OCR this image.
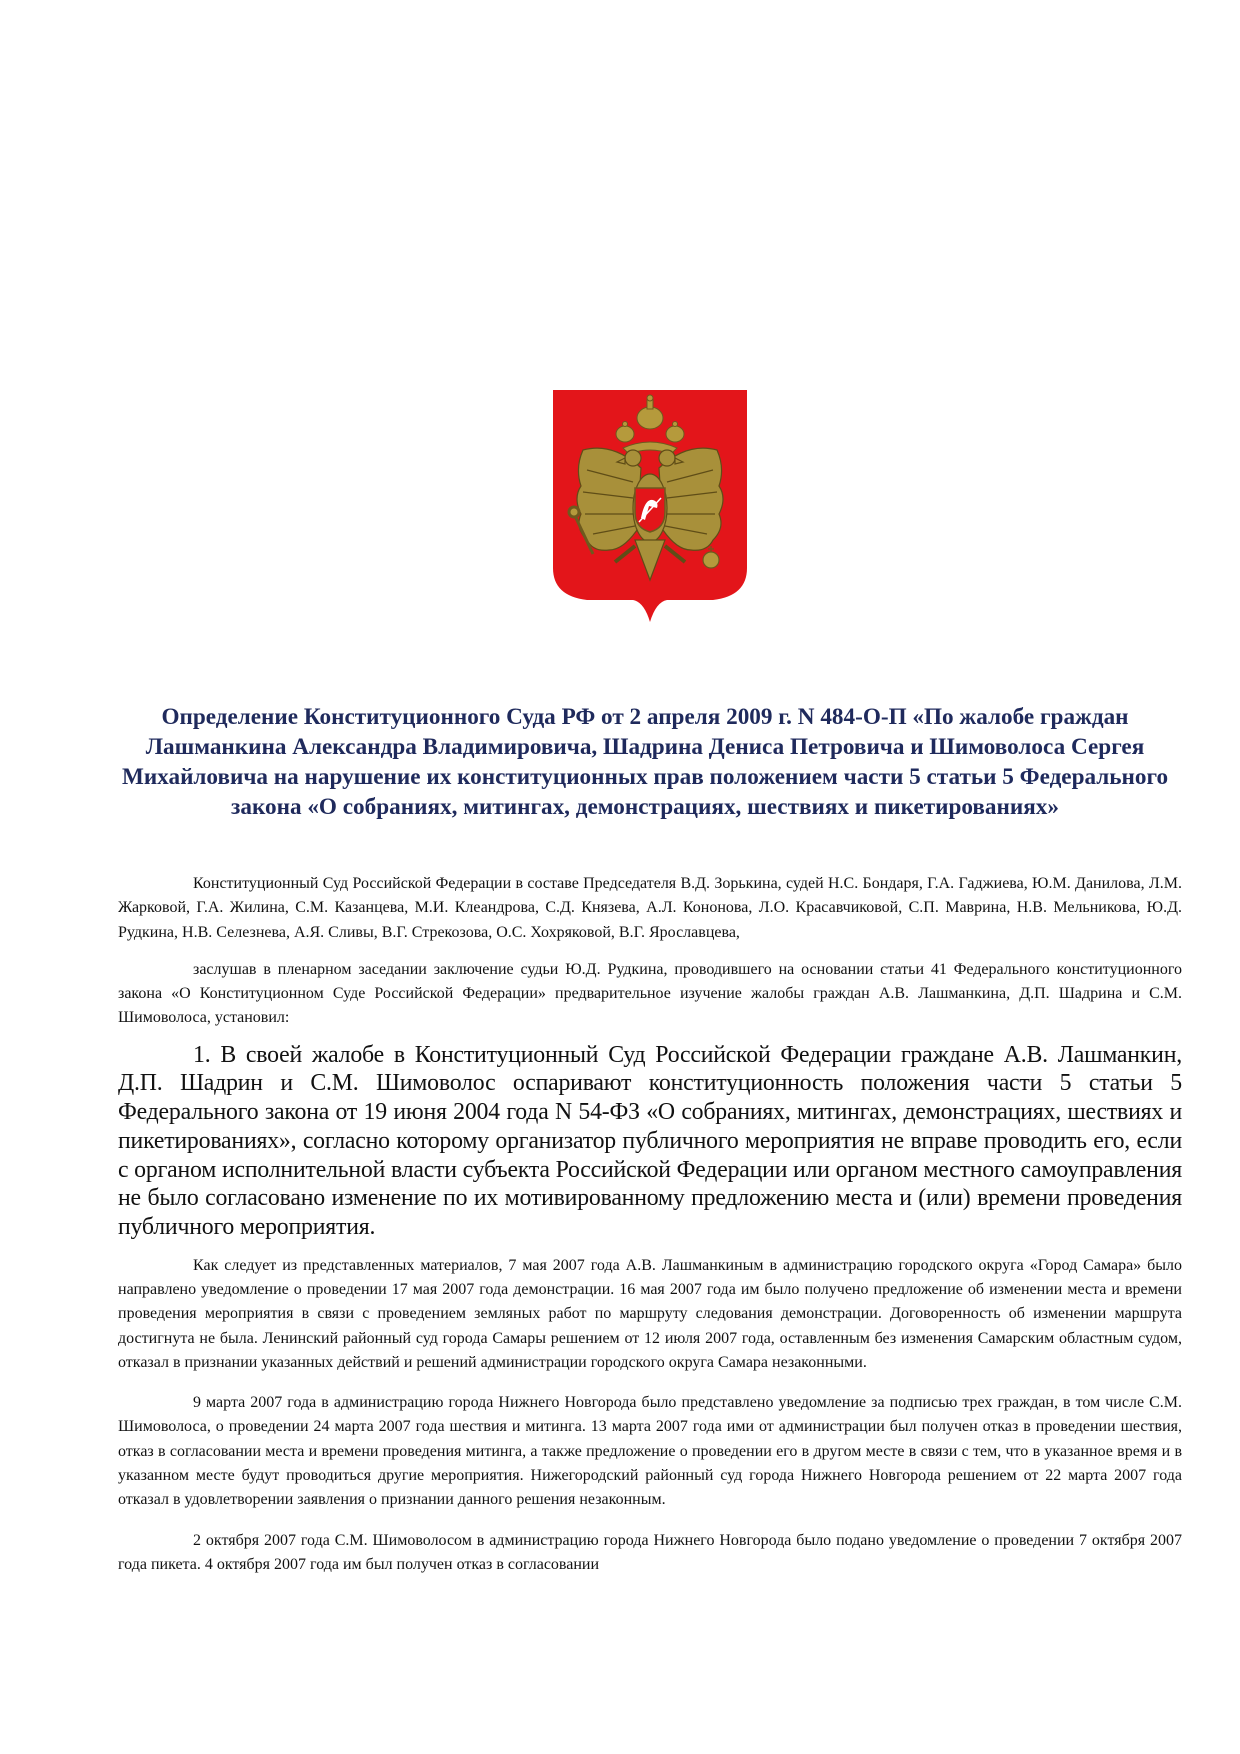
Определение Конституционного Суда РФ от 2 апреля 2009 г. N 484-О-П «По жалобе граждан Лашманкина Александра Владимировича, Шадрина Дениса Петровича и Шимоволоса Сергея Михайловича на нарушение их конституционных прав положением части 5 статьи 5 Федерального закона «О собраниях, митингах, демонстрациях, шествиях и пикетированиях»

Конституционный Суд Российской Федерации в составе Председателя В.Д. Зорькина, судей Н.С. Бондаря, Г.А. Гаджиева, Ю.М. Данилова, Л.М. Жарковой, Г.А. Жилина, С.М. Казанцева, М.И. Клеандрова, С.Д. Князева, А.Л. Кононова, Л.О. Красавчиковой, С.П. Маврина, Н.В. Мельникова, Ю.Д. Рудкина, Н.В. Селезнева, А.Я. Сливы, В.Г. Стрекозова, О.С. Хохряковой, В.Г. Ярославцева,

заслушав в пленарном заседании заключение судьи Ю.Д. Рудкина, проводившего на основании статьи 41 Федерального конституционного закона «О Конституционном Суде Российской Федерации» предварительное изучение жалобы граждан А.В. Лашманкина, Д.П. Шадрина и С.М. Шимоволоса, установил:

1. В своей жалобе в Конституционный Суд Российской Федерации граждане А.В. Лашманкин, Д.П. Шадрин и С.М. Шимоволос оспаривают конституционность положения части 5 статьи 5 Федерального закона от 19 июня 2004 года N 54-ФЗ «О собраниях, митингах, демонстрациях, шествиях и пикетированиях», согласно которому организатор публичного мероприятия не вправе проводить его, если с органом исполнительной власти субъекта Российской Федерации или органом местного самоуправления не было согласовано изменение по их мотивированному предложению места и (или) времени проведения публичного мероприятия.

Как следует из представленных материалов, 7 мая 2007 года А.В. Лашманкиным в администрацию городского округа «Город Самара» было направлено уведомление о проведении 17 мая 2007 года демонстрации. 16 мая 2007 года им было получено предложение об изменении места и времени проведения мероприятия в связи с проведением земляных работ по маршруту следования демонстрации. Договоренность об изменении маршрута достигнута не была. Ленинский районный суд города Самары решением от 12 июля 2007 года, оставленным без изменения Самарским областным судом, отказал в признании указанных действий и решений администрации городского округа Самара незаконными.

9 марта 2007 года в администрацию города Нижнего Новгорода было представлено уведомление за подписью трех граждан, в том числе С.М. Шимоволоса, о проведении 24 марта 2007 года шествия и митинга. 13 марта 2007 года ими от администрации был получен отказ в проведении шествия, отказ в согласовании места и времени проведения митинга, а также предложение о проведении его в другом месте в связи с тем, что в указанное время и в указанном месте будут проводиться другие мероприятия. Нижегородский районный суд города Нижнего Новгорода решением от 22 марта 2007 года отказал в удовлетворении заявления о признании данного решения незаконным.

2 октября 2007 года С.М. Шимоволосом в администрацию города Нижнего Новгорода было подано уведомление о проведении 7 октября 2007 года пикета. 4 октября 2007 года им был получен отказ в согласовании
